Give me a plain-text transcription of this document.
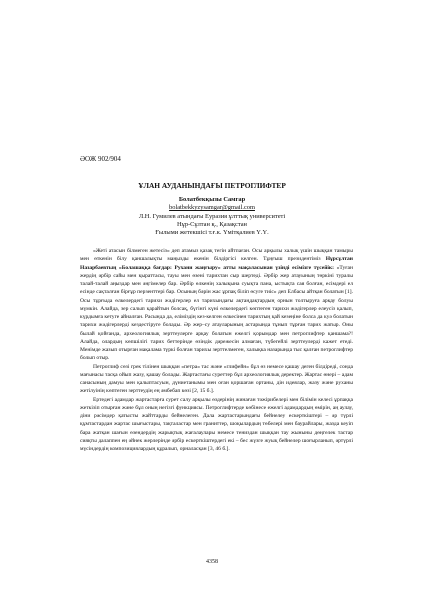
ӘОЖ 902/904
ҰЛАН АУДАНЫНДАҒЫ ПЕТРОГЛИФТЕР
Болатбекқызы Самгар
bolatbekkyzysamgar@gmail.com
Л.Н. Гумилев атындағы Еуразия ұлттық университеті
Нұр-Сұлтан қ., Қазақстан
Ғылыми жетекшісі т.ғ.к. Үмітқалиев Ү.Ү.

«Жеті атасын білмеген жетесіз» деп атамыз қазақ тегін айтпаған. Осы арқылы халық үшін шыққан тамыры мен өткенін білу қаншалықты маңызды екенін білдіргісі келген. Тұңғыш президентіміз Нұрсұлтан Назарбаевтың «Болашаққа бағдар: Рухани жаңғыру» атты мақаласынан үзінді есімізге түсейік: «Туған жердің әрбір сайы мен қыраттасы, тауы мен өзені тарихтан сыр шертеді. Әрбір жер атауының төркіні туралы талай-талай аңыздар мен әңгімелер бар. Әрбір өлкенің халықына суықта пана, ыстықта сая болған, есімдері ел есінде сақталған бірғұр перзенттері бар. Осының бәрін жас ұрпақ біліп өсуге тиіс» деп Елбасы айтқан болатын [1]. Осы тұрғыда өлкелердегі тарихи жәдігерлер ел тарихындағы ақтаңдақтардың орнын толтыруға арқау болуы мүмкін. Алайда, зер салып қарайтын болсақ, бүгінгі күні өлкелердегі көптеген тарихи жәдігерлер елеусіз қалып, күрдымға кетуге айналған. Расында да, еліміздің кез-келген өлкесінен тарихтың қай кезеңіне болса да куә болатын тарихи жәдігерлерді кездестіруге болады. Әр жер–су атауларының астарында тұнып тұрған тарих жатыр. Оны былай қойғанда, археологиялық зерттеулерге арқау болатын ежелгі қорымдар мен петроглифтер қаншама?! Алайда, олардың көпшілігі тарих беттерінде өзіндік дәрежесін алмаған, түбегейлі зерттеулерді кажет етеді. Менімде жазып отырған мақалама түркі болған тарихы зерттелмеген, халықка назарында тыс қалған петроглифтер болып отыр.

Петроглиф сөзі грек тілінен шыққан «петра» тас және «глифейн» бұл өз немесе қашау деген білдіреді, сонда мағынасы тасқа ойып жазу, қашау болады. Жартастағы суреттер бұл археологиялық деректер. Жартас өнері – адам санасының дамуы мен қалыптасуын, дүниетанымы мен оған қоршаған ортаны, дін идеялар, жазу және руханы жетілуінің көптеген зерттеудің ең әмбебап көзі [2, 15 б.].

Ертедегі адамдар жартастарға сурет салу арқылы өздерінің жинаған тәжірибелері мен білімін келесі ұрпаққа жеткізіп отырған және бұл оның негізгі функциясы. Петроглифтерде көбінесе ежелгі адамдардың өмірін, аң аулау, діни рәсімдер қатысты жайттарды бейнелеген. Дала жартастарындағы бейнелеу ескерткіштері – әр түрлі құмтастардан жартас шығыстары, тақталастар мен граниттер, шоқылардың төбелері мен баурайлары, жазда кеуіп бара жатқан шағын өзендердің жарықтық жағалаулары немесе тениздан шыққан тау жыныны дөңгелек тастар сияқты далаппен ең әйнек жерлерінде әрбір ескерткіштердегі екі – бес жүзге жуық бейнелер шоғырланып, әртүрлі мүсіндердің композициялардың құралып, орналасқан [3, 46 б.].

4358
